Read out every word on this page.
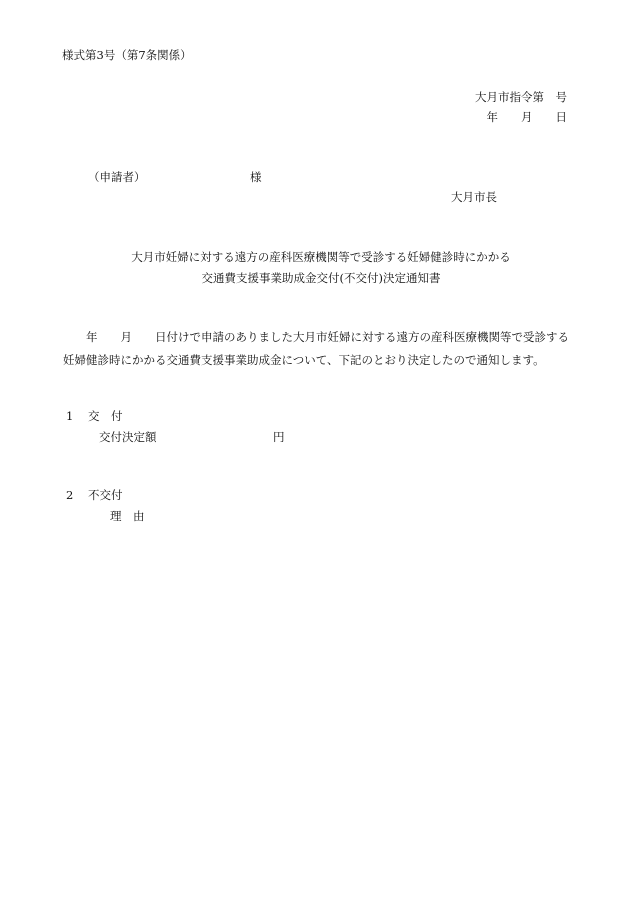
様式第3号（第7条関係）
大月市指令第　号
年　　月　　日
（申請者）	様
大月市長
大月市妊婦に対する遠方の産科医療機関等で受診する妊婦健診時にかかる
交通費支援事業助成金交付(不交付)決定通知書
年　　月　　日付けで申請のありました大月市妊婦に対する遠方の産科医療機関等で受診する妊婦健診時にかかる交通費支援事業助成金について、下記のとおり決定したので通知します。
1 交　付
交付決定額	円
2 不交付
理　由
